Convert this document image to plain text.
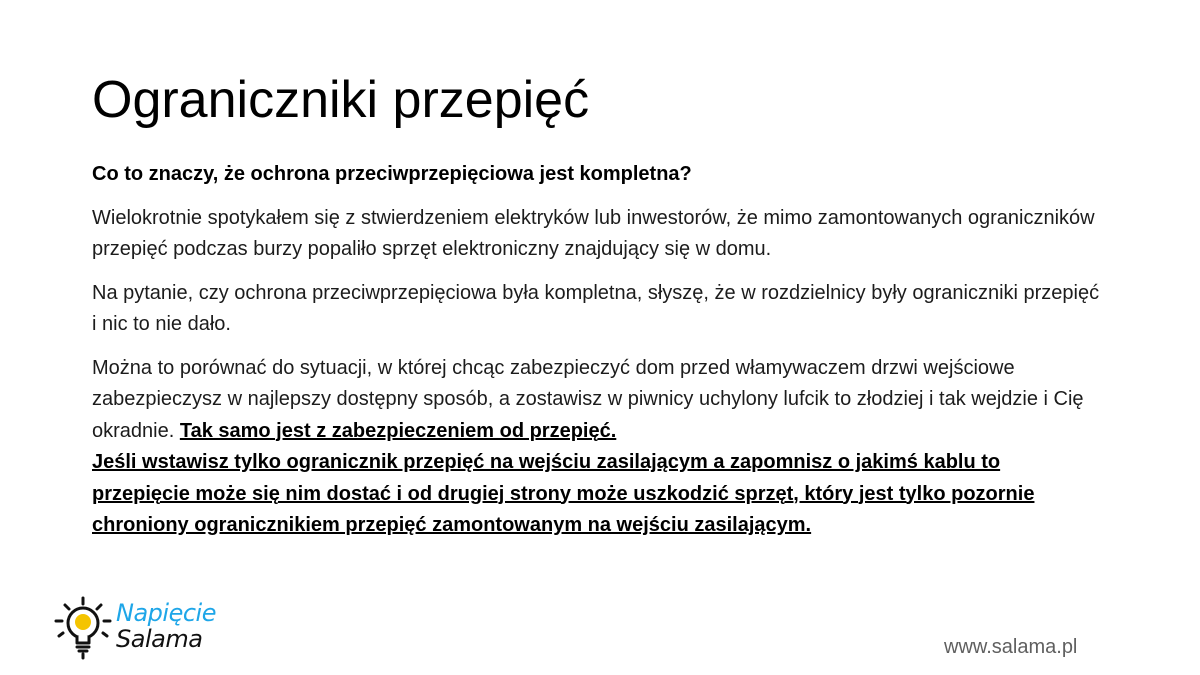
Ograniczniki przepięć

Co to znaczy, że ochrona przeciwprzepięciowa jest kompletna?

Wielokrotnie spotykałem się z stwierdzeniem elektryków lub inwestorów, że mimo zamontowanych ograniczników przepięć podczas burzy popaliło sprzęt elektroniczny znajdujący się w domu.

Na pytanie, czy ochrona przeciwprzepięciowa była kompletna, słyszę, że w rozdzielnicy były ograniczniki przepięć i nic to nie dało.

Można to porównać do sytuacji, w której chcąc zabezpieczyć dom przed włamywaczem drzwi wejściowe zabezpieczysz w najlepszy dostępny sposób, a zostawisz w piwnicy uchylony lufcik to złodziej i tak wejdzie i Cię okradnie. Tak samo jest z zabezpieczeniem od przepięć.
Jeśli wstawisz tylko ogranicznik przepięć na wejściu zasilającym a zapomnisz o jakimś kablu to przepięcie może się nim dostać i od drugiej strony może uszkodzić sprzęt, który jest tylko pozornie chroniony ogranicznikiem przepięć zamontowanym na wejściu zasilającym.

Napięcie
Salama	www.salama.pl
